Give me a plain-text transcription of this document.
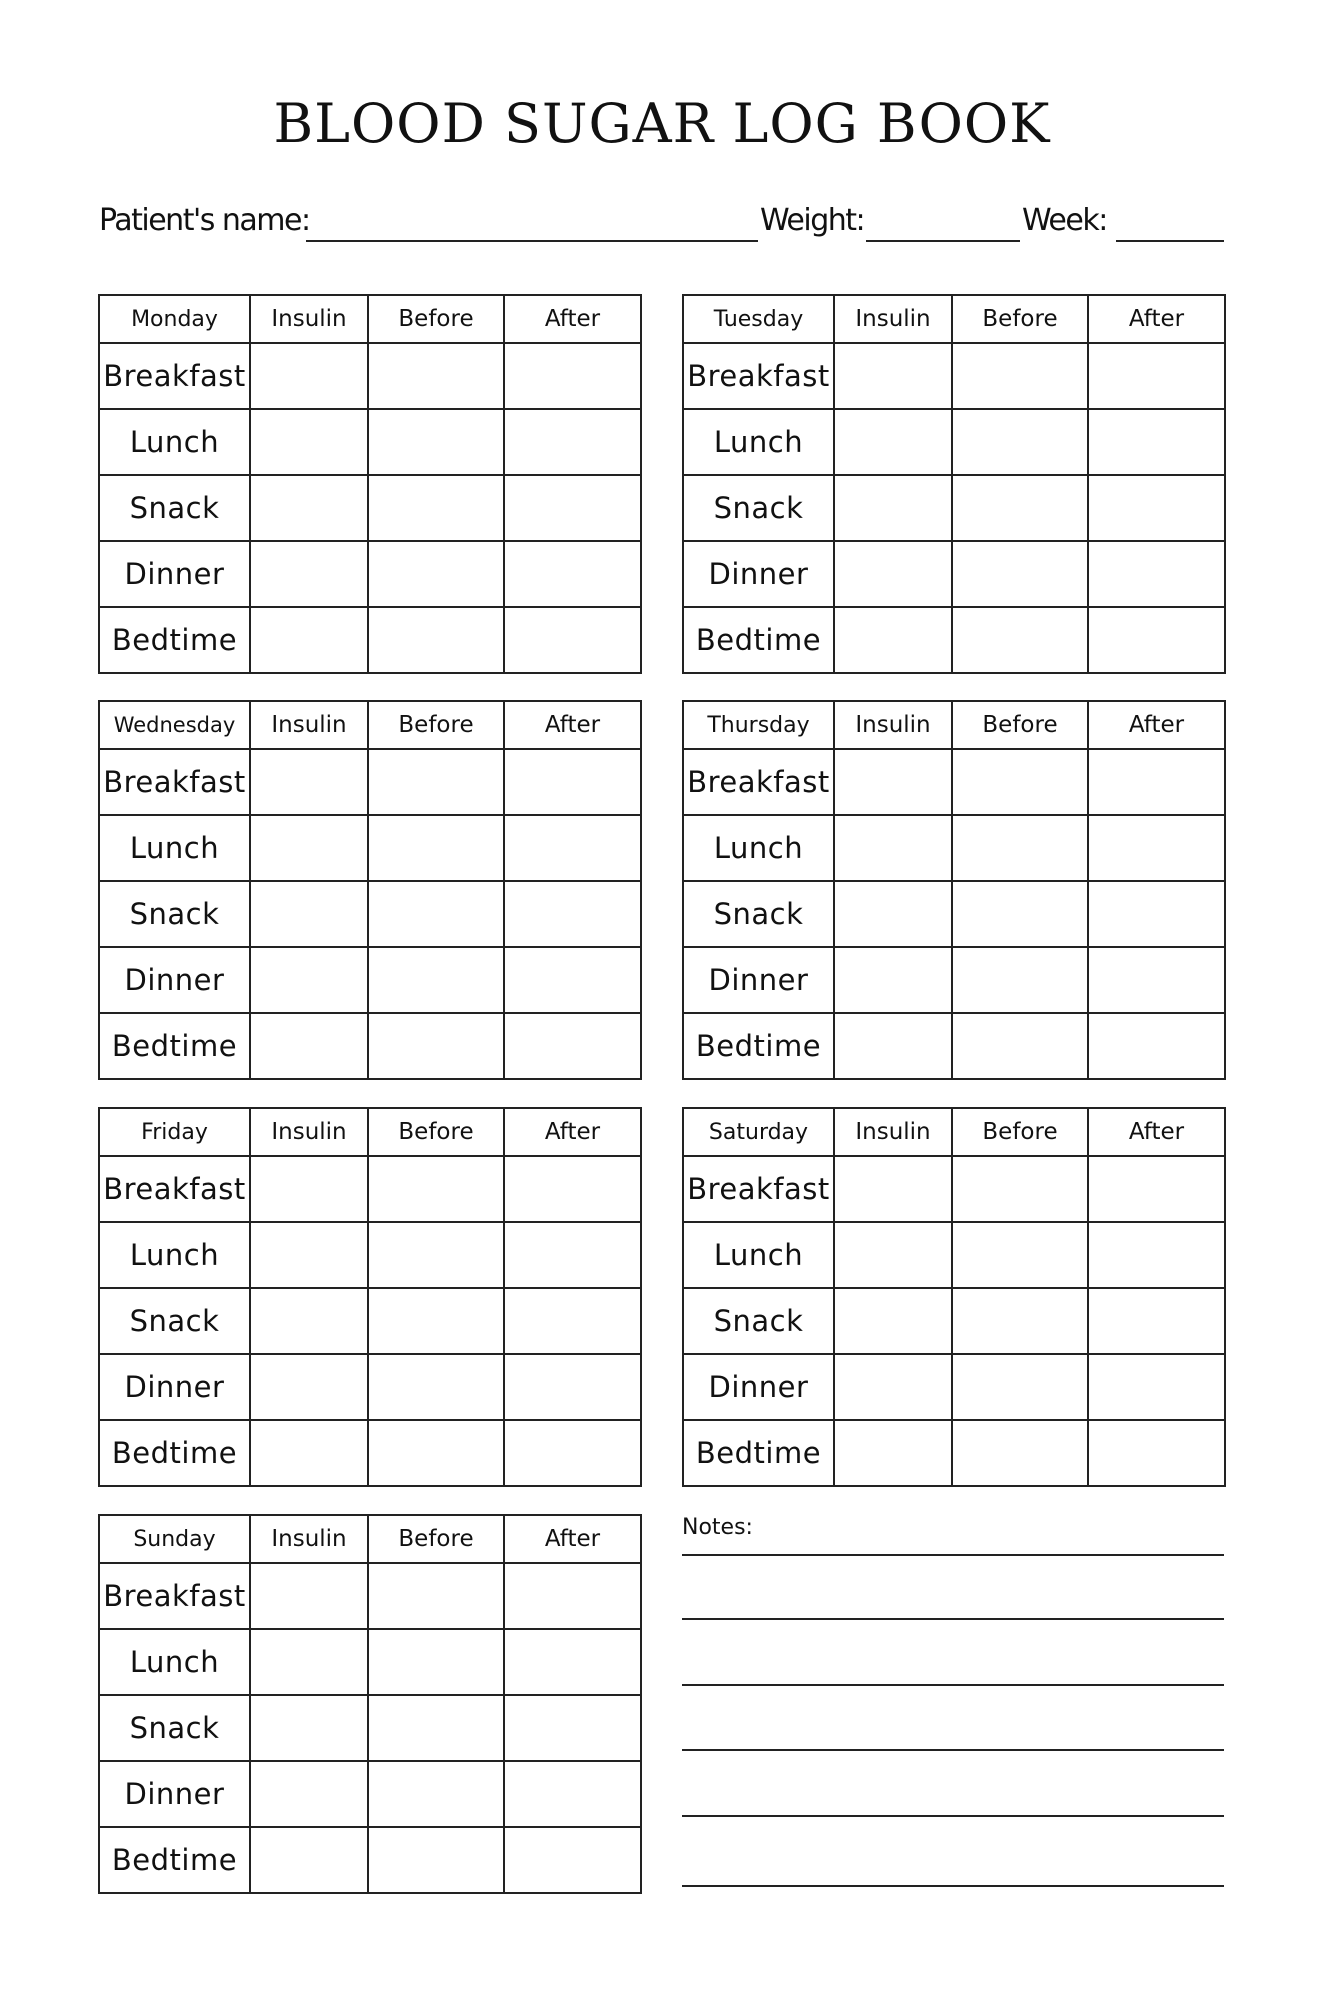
BLOOD SUGAR LOG BOOK
Patient's name:	Weight:	Week:
Monday	Insulin	Before	After
Breakfast			
Lunch			
Snack			
Dinner			
Bedtime			
Tuesday	Insulin	Before	After
Breakfast			
Lunch			
Snack			
Dinner			
Bedtime			
Wednesday	Insulin	Before	After
Breakfast			
Lunch			
Snack			
Dinner			
Bedtime			
Thursday	Insulin	Before	After
Breakfast			
Lunch			
Snack			
Dinner			
Bedtime			
Friday	Insulin	Before	After
Breakfast			
Lunch			
Snack			
Dinner			
Bedtime			
Saturday	Insulin	Before	After
Breakfast			
Lunch			
Snack			
Dinner			
Bedtime			
Sunday	Insulin	Before	After
Breakfast			
Lunch			
Snack			
Dinner			
Bedtime			
Notes:
